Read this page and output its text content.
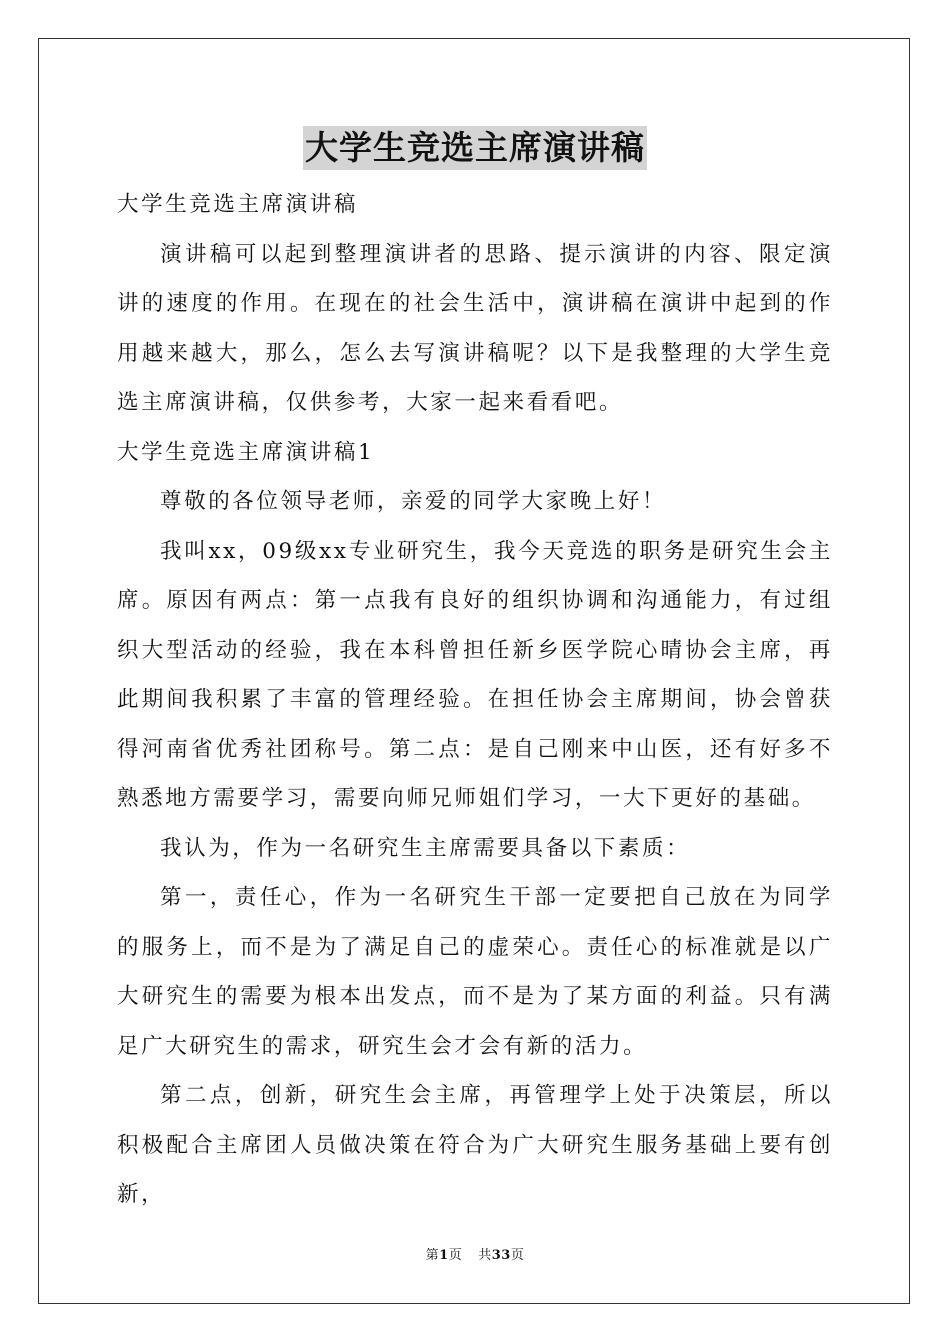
大学生竞选主席演讲稿

大学生竞选主席演讲稿

演讲稿可以起到整理演讲者的思路、提示演讲的内容、限定演讲的速度的作用。在现在的社会生活中，演讲稿在演讲中起到的作用越来越大，那么，怎么去写演讲稿呢？以下是我整理的大学生竞选主席演讲稿，仅供参考，大家一起来看看吧。

大学生竞选主席演讲稿1

尊敬的各位领导老师，亲爱的同学大家晚上好！

我叫xx，09级xx专业研究生，我今天竞选的职务是研究生会主席。原因有两点：第一点我有良好的组织协调和沟通能力，有过组织大型活动的经验，我在本科曾担任新乡医学院心晴协会主席，再此期间我积累了丰富的管理经验。在担任协会主席期间，协会曾获得河南省优秀社团称号。第二点：是自己刚来中山医，还有好多不熟悉地方需要学习，需要向师兄师姐们学习，一大下更好的基础。

我认为，作为一名研究生主席需要具备以下素质：

第一，责任心，作为一名研究生干部一定要把自己放在为同学的服务上，而不是为了满足自己的虚荣心。责任心的标准就是以广大研究生的需要为根本出发点，而不是为了某方面的利益。只有满足广大研究生的需求，研究生会才会有新的活力。

第二点，创新，研究生会主席，再管理学上处于决策层，所以积极配合主席团人员做决策在符合为广大研究生服务基础上要有创新，

第1页 共33页
